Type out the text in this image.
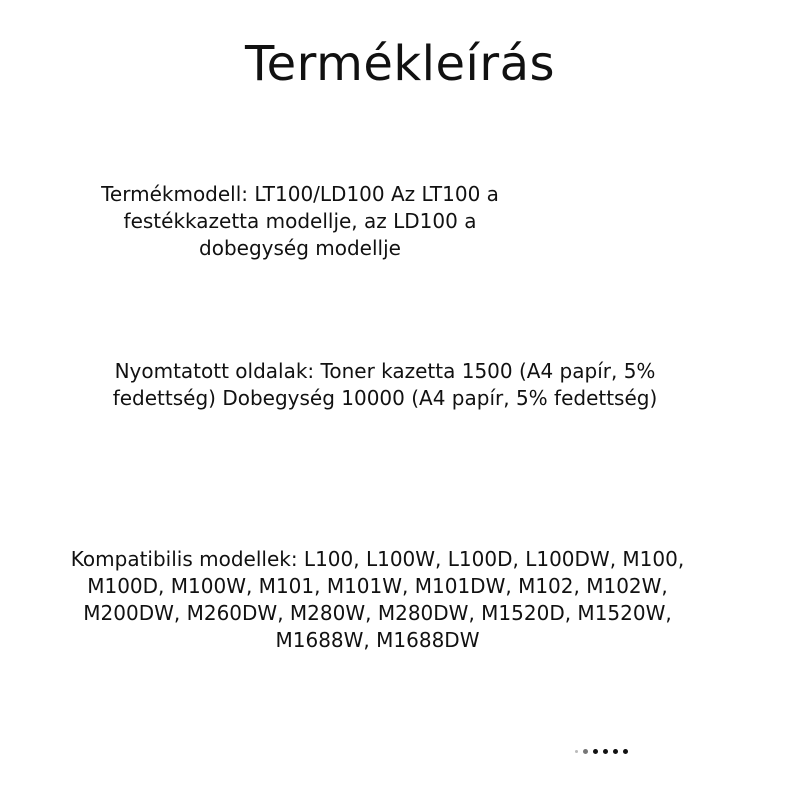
Termékleírás

Termékmodell: LT100/LD100 Az LT100 a festékkazetta modellje, az LD100 a dobegység modellje

Nyomtatott oldalak: Toner kazetta 1500 (A4 papír, 5% fedettség) Dobegység 10000 (A4 papír, 5% fedettség)

Kompatibilis modellek: L100, L100W, L100D, L100DW, M100, M100D, M100W, M101, M101W, M101DW, M102, M102W, M200DW, M260DW, M280W, M280DW, M1520D, M1520W, M1688W, M1688DW
